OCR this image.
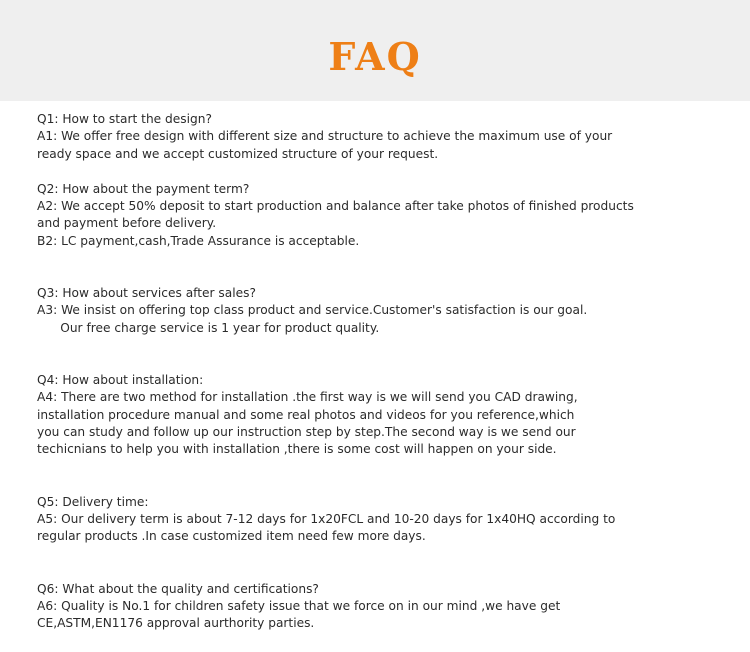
FAQ
Q1: How to start the design?
A1: We offer free design with different size and structure to achieve the maximum use of your
ready space and we accept customized structure of your request.
Q2: How about the payment term?
A2: We accept 50% deposit to start production and balance after take photos of finished products
and payment before delivery.
B2: LC payment,cash,Trade Assurance is acceptable.
Q3: How about services after sales?
A3: We insist on offering top class product and service.Customer's satisfaction is our goal.
Our free charge service is 1 year for product quality.
Q4: How about installation:
A4: There are two method for installation .the first way is we will send you CAD drawing,
installation procedure manual and some real photos and videos for you reference,which
you can study and follow up our instruction step by step.The second way is we send our
techicnians to help you with installation ,there is some cost will happen on your side.
Q5: Delivery time:
A5: Our delivery term is about 7-12 days for 1x20FCL and 10-20 days for 1x40HQ according to
regular products .In case customized item need few more days.
Q6: What about the quality and certifications?
A6: Quality is No.1 for children safety issue that we force on in our mind ,we have get
CE,ASTM,EN1176 approval aurthority parties.
